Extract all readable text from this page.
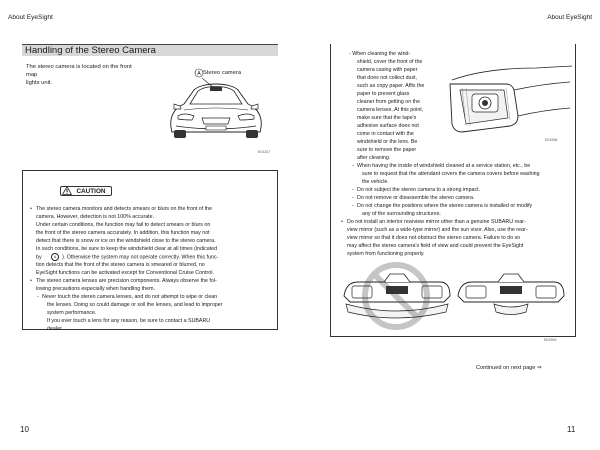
About EyeSight	About EyeSight
Handling of the Stereo Camera
The stereo camera is located on the front map
lights unit.
A Stereo camera
E01107
CAUTION
• The stereo camera monitors and detects smears or blurs on the front of the
camera. However, detection is not 100% accurate.
Under certain conditions, the function may fail to detect smears or blurs on
the front of the stereo camera accurately. In addition, this function may not
detect that there is snow or ice on the windshield close to the stereo camera.
In such conditions, be sure to keep the windshield clear at all times (indicated
by	A ). Otherwise the system may not operate correctly. When this func-
tion detects that the front of the stereo camera is smeared or blurred, no
EyeSight functions can be activated except for Conventional Cruise Control.
• The stereo camera lenses are precision components. Always observe the fol-
lowing precautions especially when handling them.
- Never touch the stereo camera lenses, and do not attempt to wipe or clean
the lenses. Doing so could damage or soil the lenses, and lead to improper
system performance.
If you ever touch a lens for any reason, be sure to contact a SUBARU
dealer.
10	11
- When cleaning the wind-
shield, cover the front of the
camera casing with paper
that does not collect dust,
such as copy paper. Affix the
paper to prevent glass
cleaner from getting on the
camera lenses. At this point,
make sure that the tape's
adhesive surface does not
come in contact with the
windshield or the lens. Be
sure to remove the paper
after cleaning.
E01908
- When having the inside of windshield cleaned at a service station, etc., be
sure to request that the attendant covers the camera covers before washing
the vehicle.
- Do not subject the stereo camera to a strong impact.
- Do not remove or disassemble the stereo camera.
- Do not change the positions where the stereo camera is installed or modify
any of the surrounding structures.
• Do not install an interior rearview mirror other than a genuine SUBARU rear-
view mirror (such as a wide-type mirror) and the sun visor. Also, use the rear-
view mirror so that it does not obstruct the stereo camera. Failure to do so
may affect the stereo camera's field of view and could prevent the EyeSight
system from functioning properly.
E01909
Continued on next page ⇒
